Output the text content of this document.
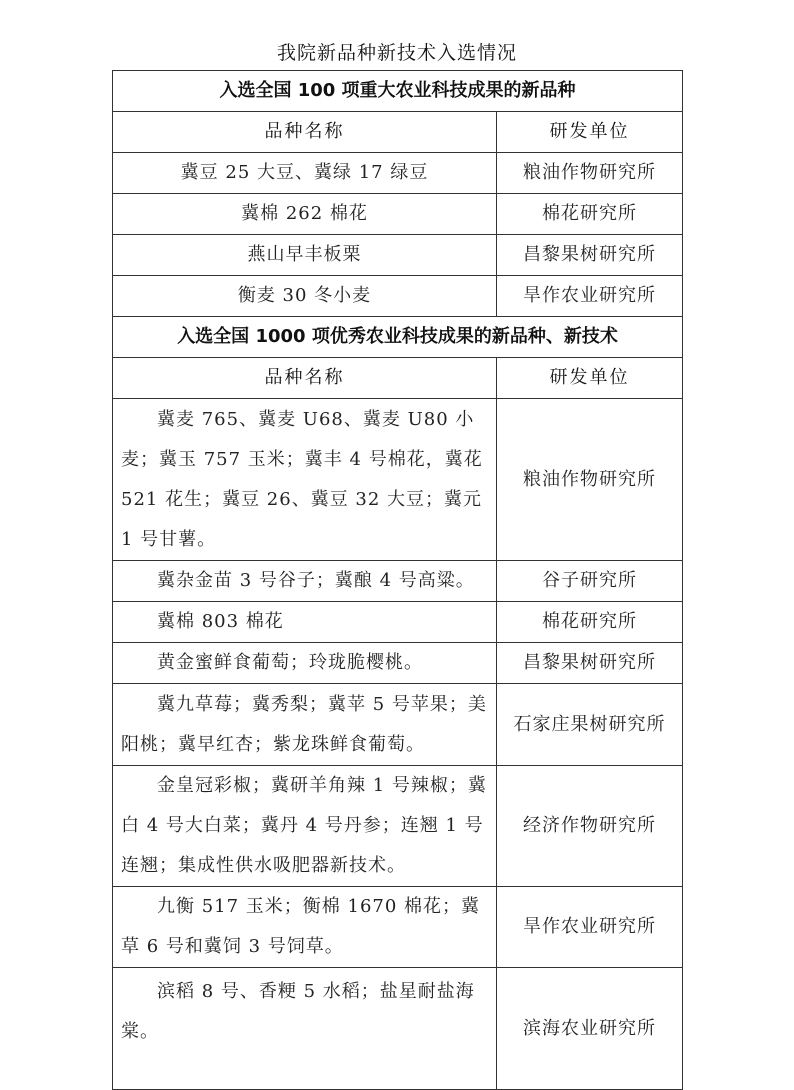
我院新品种新技术入选情况
入选全国 100 项重大农业科技成果的新品种	
品种名称	研发单位
冀豆 25 大豆、冀绿 17 绿豆	粮油作物研究所
冀棉 262 棉花	棉花研究所
燕山早丰板栗	昌黎果树研究所
衡麦 30 冬小麦	旱作农业研究所
入选全国 1000 项优秀农业科技成果的新品种、新技术	
品种名称	研发单位
冀麦 765、冀麦 U68、冀麦 U80 小麦；冀玉 757 玉米；冀丰 4 号棉花，冀花 521 花生；冀豆 26、冀豆 32 大豆；冀元 1 号甘薯。	粮油作物研究所
冀杂金苗 3 号谷子；冀酿 4 号高粱。	谷子研究所
冀棉 803 棉花	棉花研究所
黄金蜜鲜食葡萄；玲珑脆樱桃。	昌黎果树研究所
冀九草莓；冀秀梨；冀苹 5 号苹果；美阳桃；冀早红杏；紫龙珠鲜食葡萄。	石家庄果树研究所
金皇冠彩椒；冀研羊角辣 1 号辣椒；冀白 4 号大白菜；冀丹 4 号丹参；连翘 1 号连翘；集成性供水吸肥器新技术。	经济作物研究所
九衡 517 玉米；衡棉 1670 棉花；冀草 6 号和冀饲 3 号饲草。	旱作农业研究所
滨稻 8 号、香粳 5 水稻；盐星耐盐海棠。	滨海农业研究所
